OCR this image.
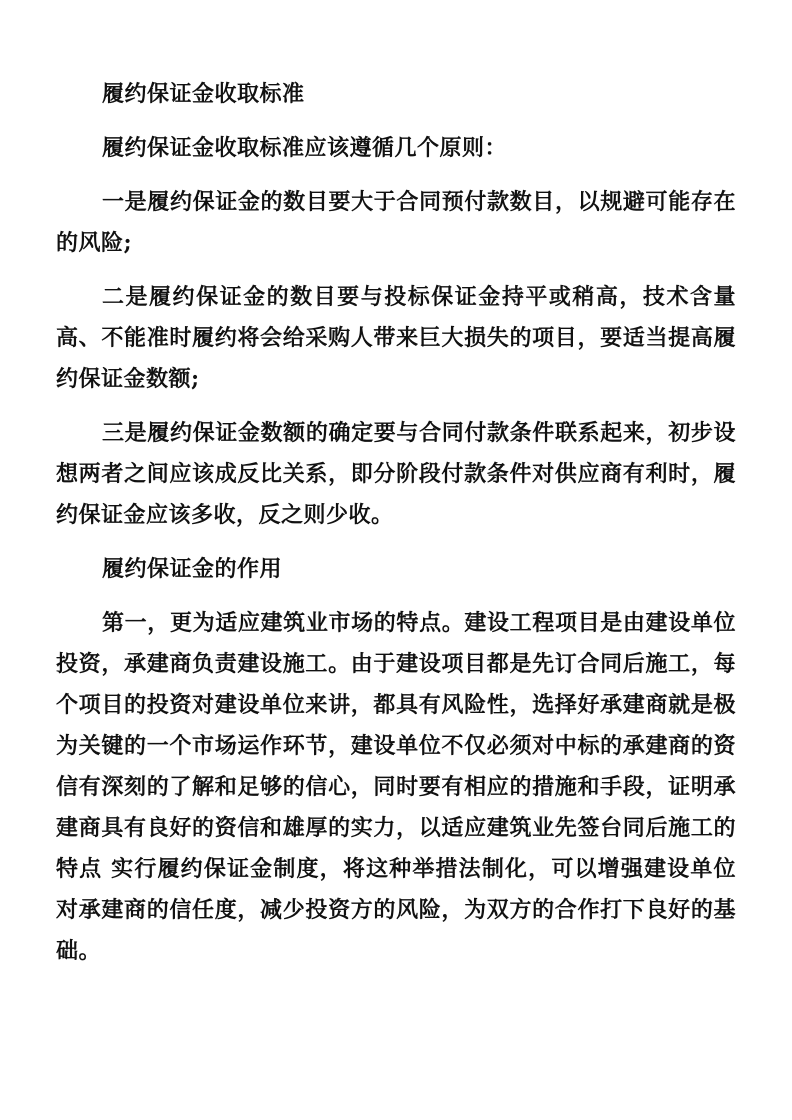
履约保证金收取标准

履约保证金收取标准应该遵循几个原则：

一是履约保证金的数目要大于合同预付款数目，以规避可能存在的风险;

二是履约保证金的数目要与投标保证金持平或稍高，技术含量高、不能准时履约将会给采购人带来巨大损失的项目，要适当提高履约保证金数额;

三是履约保证金数额的确定要与合同付款条件联系起来，初步设想两者之间应该成反比关系，即分阶段付款条件对供应商有利时，履约保证金应该多收，反之则少收。

履约保证金的作用

第一，更为适应建筑业市场的特点。建设工程项目是由建设单位投资，承建商负责建设施工。由于建设项目都是先订合同后施工，每个项目的投资对建设单位来讲，都具有风险性，选择好承建商就是极为关键的一个市场运作环节，建设单位不仅必须对中标的承建商的资信有深刻的了解和足够的信心，同时要有相应的措施和手段，证明承建商具有良好的资信和雄厚的实力，以适应建筑业先签台同后施工的特点 实行履约保证金制度，将这种举措法制化，可以增强建设单位对承建商的信任度，减少投资方的风险，为双方的合作打下良好的基础。
